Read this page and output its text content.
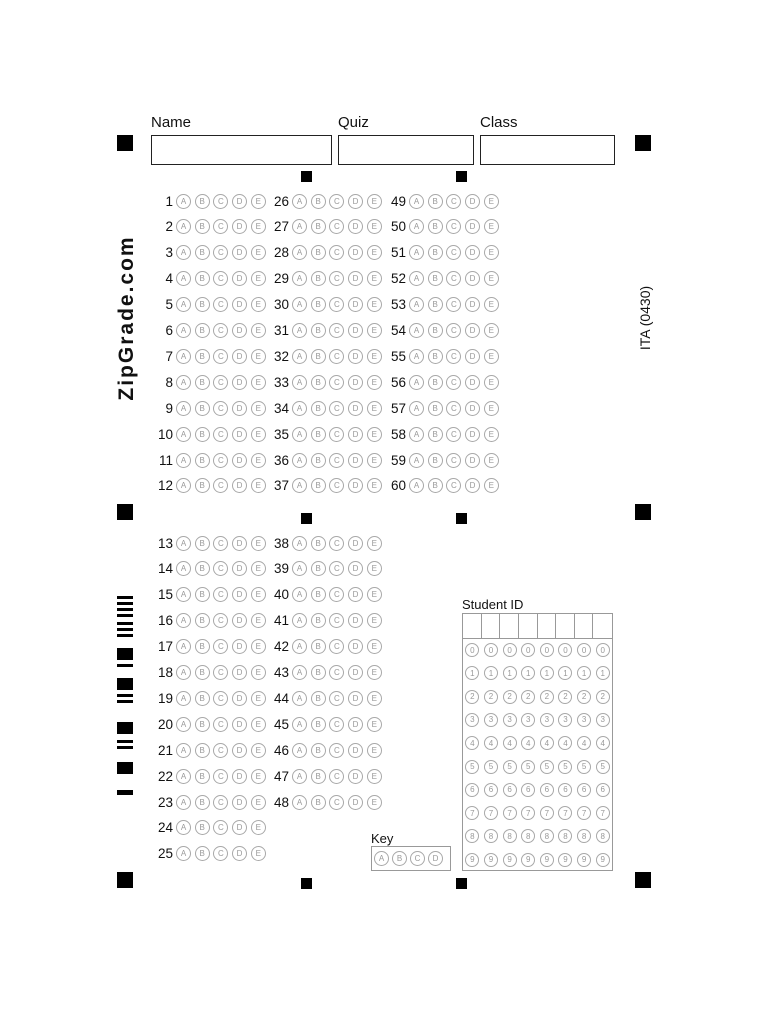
Name	Quiz	Class
ZipGrade.com	ITA (0430)
1 A	B	C	D	E
2 A	B	C	D	E
3 A	B	C	D	E
4 A	B	C	D	E
5 A	B	C	D	E
6 A	B	C	D	E
7 A	B	C	D	E
8 A	B	C	D	E
9 A	B	C	D	E
10 A	B	C	D	E
11 A	B	C	D	E
12 A	B	C	D	E
26 A	B	C	D	E
27 A	B	C	D	E
28 A	B	C	D	E
29 A	B	C	D	E
30 A	B	C	D	E
31 A	B	C	D	E
32 A	B	C	D	E
33 A	B	C	D	E
34 A	B	C	D	E
35 A	B	C	D	E
36 A	B	C	D	E
37 A	B	C	D	E
49 A	B	C	D	E
50 A	B	C	D	E
51 A	B	C	D	E
52 A	B	C	D	E
53 A	B	C	D	E
54 A	B	C	D	E
55 A	B	C	D	E
56 A	B	C	D	E
57 A	B	C	D	E
58 A	B	C	D	E
59 A	B	C	D	E
60 A	B	C	D	E
13 A	B	C	D	E
14 A	B	C	D	E
15 A	B	C	D	E
16 A	B	C	D	E
17 A	B	C	D	E
18 A	B	C	D	E
19 A	B	C	D	E
20 A	B	C	D	E
21 A	B	C	D	E
22 A	B	C	D	E
23 A	B	C	D	E
24 A	B	C	D	E
25 A	B	C	D	E
38 A	B	C	D	E
39 A	B	C	D	E
40 A	B	C	D	E
41 A	B	C	D	E
42 A	B	C	D	E
43 A	B	C	D	E
44 A	B	C	D	E
45 A	B	C	D	E
46 A	B	C	D	E
47 A	B	C	D	E
48 A	B	C	D	E
Key
A	B	C	D
Student ID
0	0	0	0	0	0	0	0
1	1	1	1	1	1	1	1
2	2	2	2	2	2	2	2
3	3	3	3	3	3	3	3
4	4	4	4	4	4	4	4
5	5	5	5	5	5	5	5
6	6	6	6	6	6	6	6
7	7	7	7	7	7	7	7
8	8	8	8	8	8	8	8
9	9	9	9	9	9	9	9
